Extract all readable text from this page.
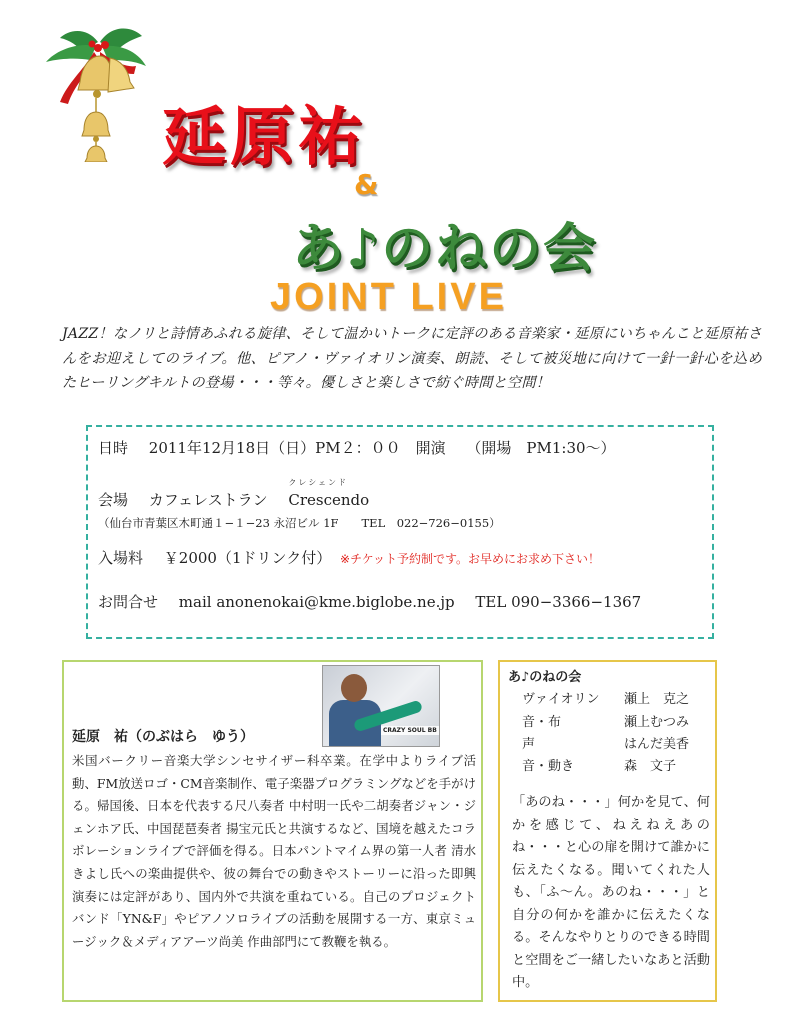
延原祐
&
あ♪のねの会
JOINT LIVE
JAZZ！なノリと詩情あふれる旋律、そして温かいトークに定評のある音楽家・延原にいちゃんこと延原祐さんをお迎えしてのライブ。他、ピアノ・ヴァイオリン演奏、朗読、そして被災地に向けて一針一針心を込めたヒーリングキルトの登場・・・等々。優しさと楽しさで紡ぐ時間と空間！
日時 2011年12月18日（日）PM２：００　開演 （開場　PM1:30〜）
会場 カフェレストラン
クレシェンド
Crescendo
（仙台市青葉区木町通１−１−23 永沼ビル 1F　　TEL　022−726−0155）
入場料 ￥2000（1ドリンク付） ※チケット予約制です。お早めにお求め下さい！
お問合せ mail anonenokai@kme.biglobe.ne.jp TEL 090−3366−1367
CRAZY SOUL BB
延原　祐（のぶはら　ゆう）
米国バークリー音楽大学シンセサイザー科卒業。在学中よりライブ活動、FM放送ロゴ・CM音楽制作、電子楽器プログラミングなどを手がける。帰国後、日本を代表する尺八奏者 中村明一氏や二胡奏者ジャン・ジェンホア氏、中国琵琶奏者 揚宝元氏と共演するなど、国境を越えたコラボレーションライブで評価を得る。日本パントマイム界の第一人者 清水きよし氏への楽曲提供や、彼の舞台での動きやストーリーに沿った即興演奏には定評があり、国内外で共演を重ねている。自己のプロジェクトバンド「YN&F」やピアノソロライブの活動を展開する一方、東京ミュージック＆メディアアーツ尚美 作曲部門にて教鞭を執る。
あ♪のねの会
ヴァイオリン 瀬上　克之
音・布	瀬上むつみ
声	はんだ美香
音・動き	森　文子
「あのね・・・」何かを見て、何かを感じて、ねえねえあのね・・・と心の扉を開けて誰かに伝えたくなる。聞いてくれた人も、「ふ〜ん。あのね・・・」と自分の何かを誰かに伝えたくなる。そんなやりとりのできる時間と空間をご一緒したいなあと活動中。
